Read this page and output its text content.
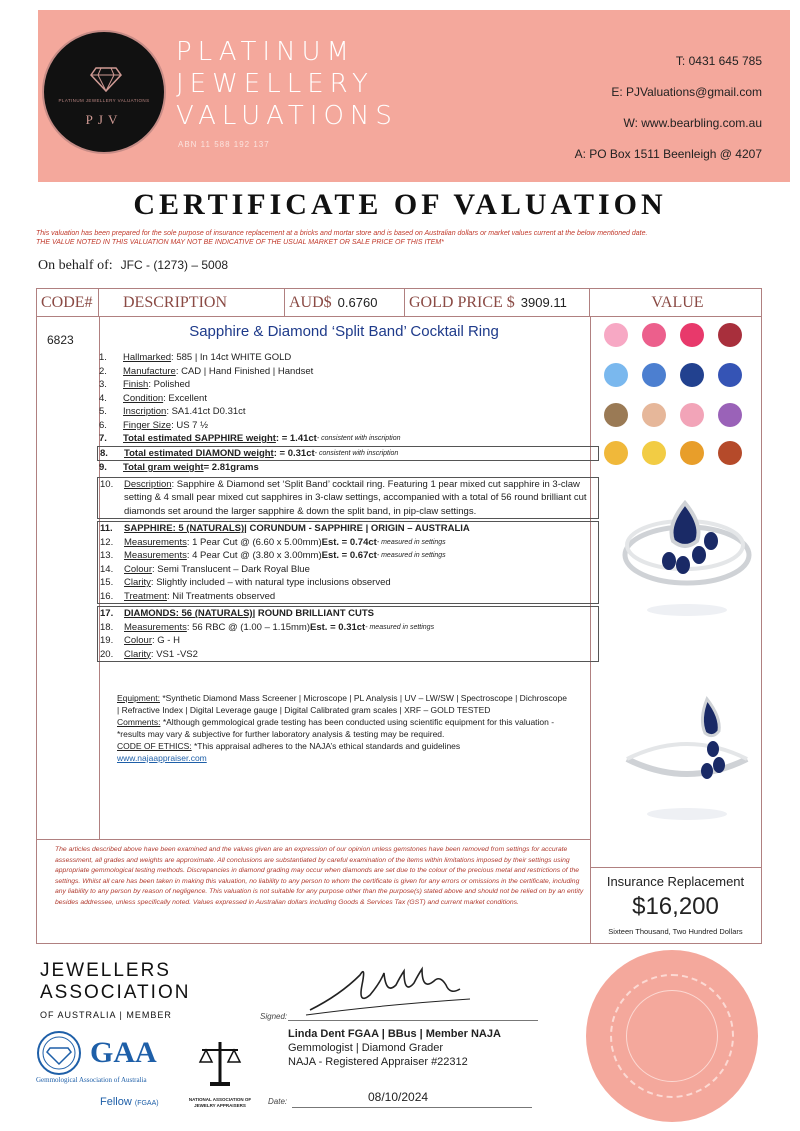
PLATINUM JEWELLERY VALUATIONS
PJV
PLATINUM
JEWELLERY
VALUATIONS
ABN 11 588 192 137
T: 0431 645 785
E: PJValuations@gmail.com
W: www.bearbling.com.au
A: PO Box 1511 Beenleigh @ 4207
CERTIFICATE OF VALUATION
This valuation has been prepared for the sole purpose of insurance replacement at a bricks and mortar store and is based on Australian dollars or market values current at the below mentioned date.
THE VALUE NOTED IN THIS VALUATION MAY NOT BE INDICATIVE OF THE USUAL MARKET OR SALE PRICE OF THIS ITEM*
On behalf of: JFC - (1273) – 5008
CODE#	DESCRIPTION	AUD$ 0.6760	GOLD PRICE $ 3909.11	VALUE
6823	Sapphire & Diamond ‘Split Band’ Cocktail Ring
1.	Hallmarked : 585 | In 14ct WHITE GOLD
2.	Manufacture : CAD | Hand Finished | Handset
3.	Finish : Polished
4.	Condition : Excellent
5.	Inscription : SA1.41ct D0.31ct
6.	Finger Size : US 7 ½
7.	Total estimated SAPPHIRE weight : = 1.41ct - consistent with inscription
8.	Total estimated DIAMOND weight : = 0.31ct - consistent with inscription
9.	Total gram weight = 2.81grams
10.	Description: Sapphire & Diamond set ‘Split Band’ cocktail ring. Featuring 1 pear mixed cut sapphire in 3-claw setting & 4 small pear mixed cut sapphires in 3-claw settings, accompanied with a total of 56 round brilliant cut diamonds set around the larger sapphire & down the split band, in pip-claw settings.
11.	SAPPHIRE: 5 (NATURALS) | CORUNDUM - SAPPHIRE | ORIGIN – AUSTRALIA
12.	Measurements : 1 Pear Cut @ (6.60 x 5.00mm) Est. = 0.74ct - measured in settings
13.	Measurements : 4 Pear Cut @ (3.80 x 3.00mm) Est. = 0.67ct - measured in settings
14.	Colour : Semi Translucent – Dark Royal Blue
15.	Clarity : Slightly included – with natural type inclusions observed
16.	Treatment : Nil Treatments observed
17.	DIAMONDS: 56 (NATURALS) | ROUND BRILLIANT CUTS
18.	Measurements : 56 RBC @ (1.00 – 1.15mm) Est. = 0.31ct - measured in settings
19.	Colour : G - H
20.	Clarity : VS1 -VS2
Equipment: *Synthetic Diamond Mass Screener | Microscope | PL Analysis | UV – LW/SW | Spectroscope | Dichroscope | Refractive Index | Digital Leverage gauge | Digital Calibrated gram scales | XRF – GOLD TESTED
Comments: *Although gemmological grade testing has been conducted using scientific equipment for this valuation - *results may vary & subjective for further laboratory analysis & testing may be required.
CODE OF ETHICS: *This appraisal adheres to the NAJA’s ethical standards and guidelines
www.najaappraiser.com
The articles described above have been examined and the values given are an expression of our opinion unless gemstones have been removed from settings for accurate assessment, all grades and weights are approximate. All conclusions are substantiated by careful examination of the items within limitations imposed by their settings using appropriate gemmological testing methods. Discrepancies in diamond grading may occur when diamonds are set due to the colour of the precious metal and restrictions of the settings. Whilst all care has been taken in making this valuation, no liability to any person to whom the certificate is given for any errors or omissions in the certificate, including any liability to any person by reason of negligence. This valuation is not suitable for any purpose other than the purpose(s) stated above and should not be relied on by an entity besides addressee, unless specifically noted. Values expressed in Australian dollars including Goods & Services Tax (GST) and current market conditions.
Insurance Replacement
$16,200
Sixteen Thousand, Two Hundred Dollars
JEWELLERS
ASSOCIATION
OF AUSTRALIA | MEMBER
GAA
Gemmological Association of Australia
Fellow (FGAA)
NATIONAL ASSOCIATION OF JEWELRY APPRAISERS
Signed:
Linda Dent FGAA | BBus | Member NAJA
Gemmologist | Diamond Grader
NAJA - Registered Appraiser #22312
Date:	08/10/2024
